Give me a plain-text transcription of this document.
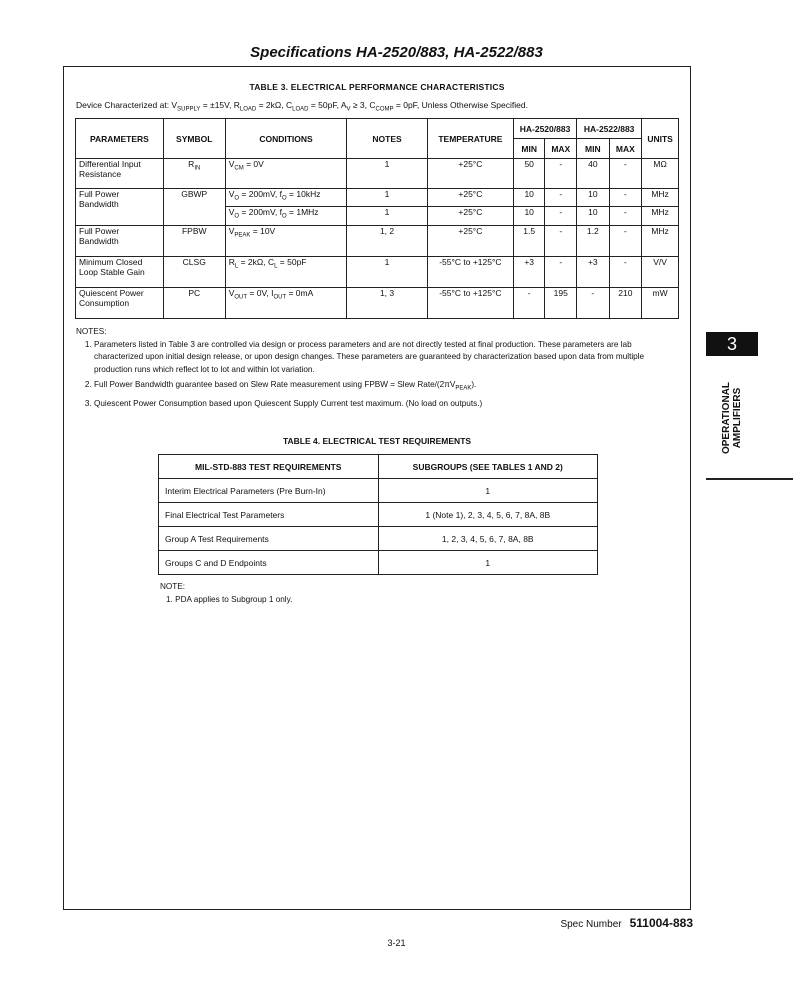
Specifications HA-2520/883, HA-2522/883
TABLE 3. ELECTRICAL PERFORMANCE CHARACTERISTICS
Device Characterized at: $V_{SUPPLY} = \pm 15V$, $R_{LOAD} = 2k\Omega$, $C_{LOAD} = 50pF$, $A_V \ge 3$, $C_{COMP} = 0pF$, Unless Otherwise Specified.
PARAMETERS	SYMBOL	CONDITIONS	NOTES	TEMPERATURE	HA-2520/883		HA-2522/883		UNITS
					MIN	MAX	MIN	MAX	
Differential Input Resistance	$R_{IN}$	$V_{CM} = 0V$	1	+25°C	50	-	40	-	MΩ
Full Power Bandwidth	GBWP	$V_O = 200mV$, $f_O = 10kHz$	1	+25°C	10	-	10	-	MHz
		$V_O = 200mV$, $f_O = 1MHz$	1	+25°C	10	-	10	-	MHz
Full Power Bandwidth	FPBW	$V_{PEAK} = 10V$	1, 2	+25°C	1.5	-	1.2	-	MHz
Minimum Closed Loop Stable Gain	CLSG	$R_L = 2k\Omega$, $C_L = 50pF$	1	-55°C to +125°C	+3	-	+3	-	V/V
Quiescent Power Consumption	PC	$V_{OUT} = 0V$, $I_{OUT} = 0mA$	1, 3	-55°C to +125°C	-	195	-	210	mW
NOTES:
1. Parameters listed in Table 3 are controlled via design or process parameters and are not directly tested at final production. These parameters are lab characterized upon initial design release, or upon design changes. These parameters are guaranteed by characterization based upon data from multiple production runs which reflect lot to lot and within lot variation.
2. Full Power Bandwidth guarantee based on Slew Rate measurement using FPBW = Slew Rate/$(2\pi V_{PEAK})$.
3. Quiescent Power Consumption based upon Quiescent Supply Current test maximum. (No load on outputs.)
TABLE 4. ELECTRICAL TEST REQUIREMENTS
MIL-STD-883 TEST REQUIREMENTS	SUBGROUPS (SEE TABLES 1 AND 2)
Interim Electrical Parameters (Pre Burn-In)	1
Final Electrical Test Parameters	1 (Note 1), 2, 3, 4, 5, 6, 7, 8A, 8B
Group A Test Requirements	1, 2, 3, 4, 5, 6, 7, 8A, 8B
Groups C and D Endpoints	1
NOTE:
1. PDA applies to Subgroup 1 only.
3
OPERATIONAL AMPLIFIERS
Spec Number 511004-883
3-21
